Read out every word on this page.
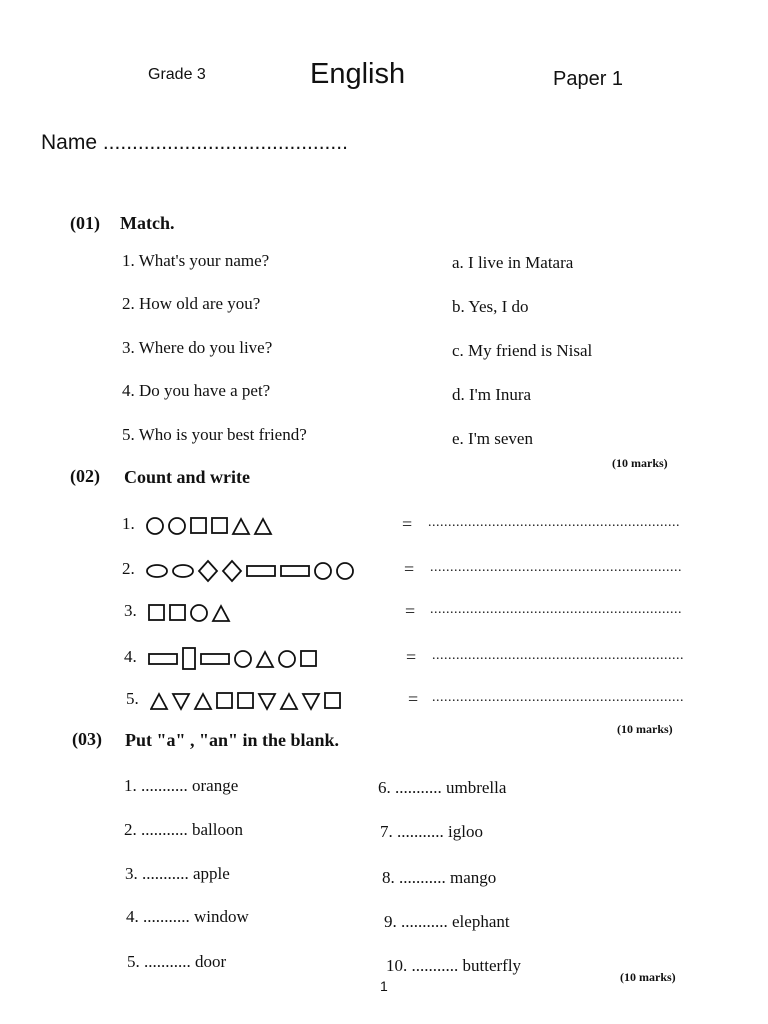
Grade 3	English	Paper 1
Name ..........................................
(01) Match.
1. What's your name?
2. How old are you?
3. Where do you live?
4. Do you have a pet?
5. Who is your best friend?
a. I live in Matara
b. Yes, I do
c. My friend is Nisal
d. I'm Inura
e. I'm seven
(10 marks)
(02) Count and write
1.	= ...............................................................
2.	= ...............................................................
3.	= ...............................................................
4.	= ...............................................................
5.	= ...............................................................
(10 marks)
(03) Put "a" , "an" in the blank.
1. ........... orange
2. ........... balloon
3. ........... apple
4. ........... window
5. ........... door
6. ........... umbrella
7. ........... igloo
8. ........... mango
9. ........... elephant
10. ........... butterfly
(10 marks)
1
